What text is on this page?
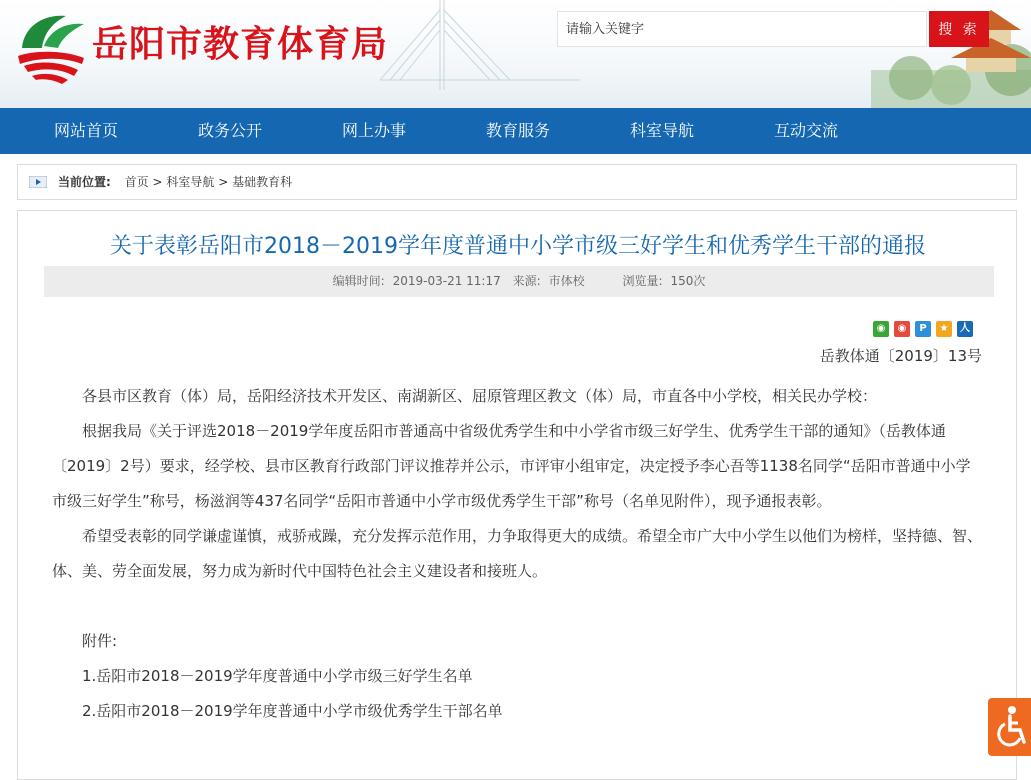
岳阳市教育体育局
请输入关键字	搜 索
网站首页	政务公开	网上办事	教育服务	科室导航	互动交流
当前位置: 首页 > 科室导航 > 基础教育科
关于表彰岳阳市2018－2019学年度普通中小学市级三好学生和优秀学生干部的通报
编辑时间: 2019-03-21 11:17 来源: 市体校	浏览量: 150次
◉ ◉ P ★ 人
岳教体通〔2019〕13号

各县市区教育（体）局，岳阳经济技术开发区、南湖新区、屈原管理区教文（体）局，市直各中小学校，相关民办学校：

根据我局《关于评选2018－2019学年度岳阳市普通高中省级优秀学生和中小学省市级三好学生、优秀学生干部的通知》（岳教体通〔2019〕2号）要求，经学校、县市区教育行政部门评议推荐并公示，市评审小组审定，决定授予李心吾等1138名同学“岳阳市普通中小学市级三好学生”称号，杨滋润等437名同学“岳阳市普通中小学市级优秀学生干部”称号（名单见附件），现予通报表彰。

希望受表彰的同学谦虚谨慎，戒骄戒躁，充分发挥示范作用，力争取得更大的成绩。希望全市广大中小学生以他们为榜样，坚持德、智、体、美、劳全面发展，努力成为新时代中国特色社会主义建设者和接班人。

附件:

1.岳阳市2018－2019学年度普通中小学市级三好学生名单

2.岳阳市2018－2019学年度普通中小学市级优秀学生干部名单
